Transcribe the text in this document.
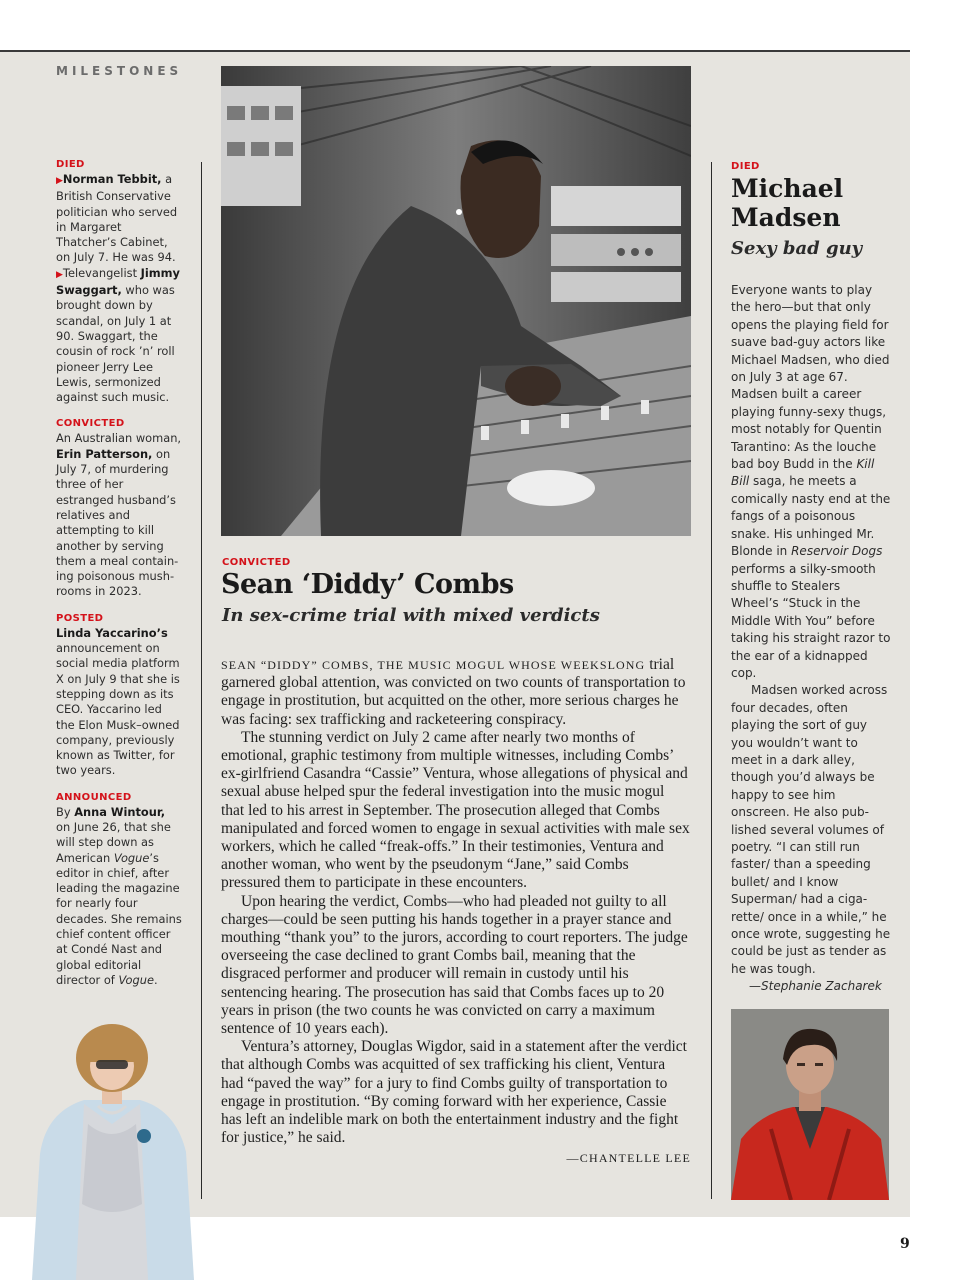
MILESTONES
DIED
▶Norman Tebbit, a British Conservative politician who served in Margaret Thatcher’s Cabinet, on July 7. He was 94.
▶Televangelist Jimmy Swaggart, who was brought down by scandal, on July 1 at 90. Swaggart, the cousin of rock ’n’ roll pioneer Jerry Lee Lewis, sermonized against such music.
CONVICTED
An Australian woman, Erin Patterson, on July 7, of murdering three of her estranged husband’s relatives and attempting to kill another by serving them a meal containing poisonous mushrooms in 2023.
POSTED
Linda Yaccarino’s announcement on social media platform X on July 9 that she is stepping down as its CEO. Yaccarino led the Elon Musk–owned company, previously known as Twitter, for two years.
ANNOUNCED
By Anna Wintour, on June 26, that she will step down as American Vogue’s editor in chief, after leading the magazine for nearly four decades. She remains chief content officer at Condé Nast and global editorial director of Vogue.
CONVICTED
Sean ‘Diddy’ Combs
In sex-crime trial with mixed verdicts

SEAN “DIDDY” COMBS, THE MUSIC MOGUL WHOSE WEEKSLONG trial garnered global attention, was convicted on two counts of transportation to engage in prostitution, but acquitted on the other, more serious charges he was facing: sex trafficking and racketeering conspiracy.

The stunning verdict on July 2 came after nearly two months of emotional, graphic testimony from multiple witnesses, including Combs’ ex-girlfriend Casandra “Cassie” Ventura, whose allegations of physical and sexual abuse helped spur the federal investigation into the music mogul that led to his arrest in September. The prosecution alleged that Combs manipulated and forced women to engage in sexual activities with male sex workers, which he called “freak-offs.” In their testimonies, Ventura and another woman, who went by the pseudonym “Jane,” said Combs pressured them to participate in these encounters.

Upon hearing the verdict, Combs—who had pleaded not guilty to all charges—could be seen putting his hands together in a prayer stance and mouthing “thank you” to the jurors, according to court reporters. The judge overseeing the case declined to grant Combs bail, meaning that the disgraced performer and producer will remain in custody until his sentencing hearing. The prosecution has said that Combs faces up to 20 years in prison (the two counts he was convicted on carry a maximum sentence of 10 years each).

Ventura’s attorney, Douglas Wigdor, said in a statement after the verdict that although Combs was acquitted of sex trafficking his client, Ventura had “paved the way” for a jury to find Combs guilty of transportation to engage in prostitution. “By coming forward with her experience, Cassie has left an indelible mark on both the entertainment industry and the fight for justice,” he said.

—CHANTELLE LEE

DIED
Michael Madsen
Sexy bad guy

Everyone wants to play the hero—but that only opens the playing field for suave bad-guy actors like Michael Madsen, who died on July 3 at age 67. Madsen built a career playing funny-sexy thugs, most notably for Quentin Tarantino: As the louche bad boy Budd in the Kill Bill saga, he meets a comically nasty end at the fangs of a poisonous snake. His unhinged Mr. Blonde in Reservoir Dogs performs a silky-smooth shuffle to Stealers Wheel’s “Stuck in the Middle With You” before taking his straight razor to the ear of a kidnapped cop.

Madsen worked across four decades, often playing the sort of guy you wouldn’t want to meet in a dark alley, though you’d always be happy to see him onscreen. He also published several volumes of poetry. “I can still run faster/ than a speeding bullet/ and I know Superman/ had a cigarette/ once in a while,” he once wrote, suggesting he could be just as tender as he was tough.

—Stephanie Zacharek

9
